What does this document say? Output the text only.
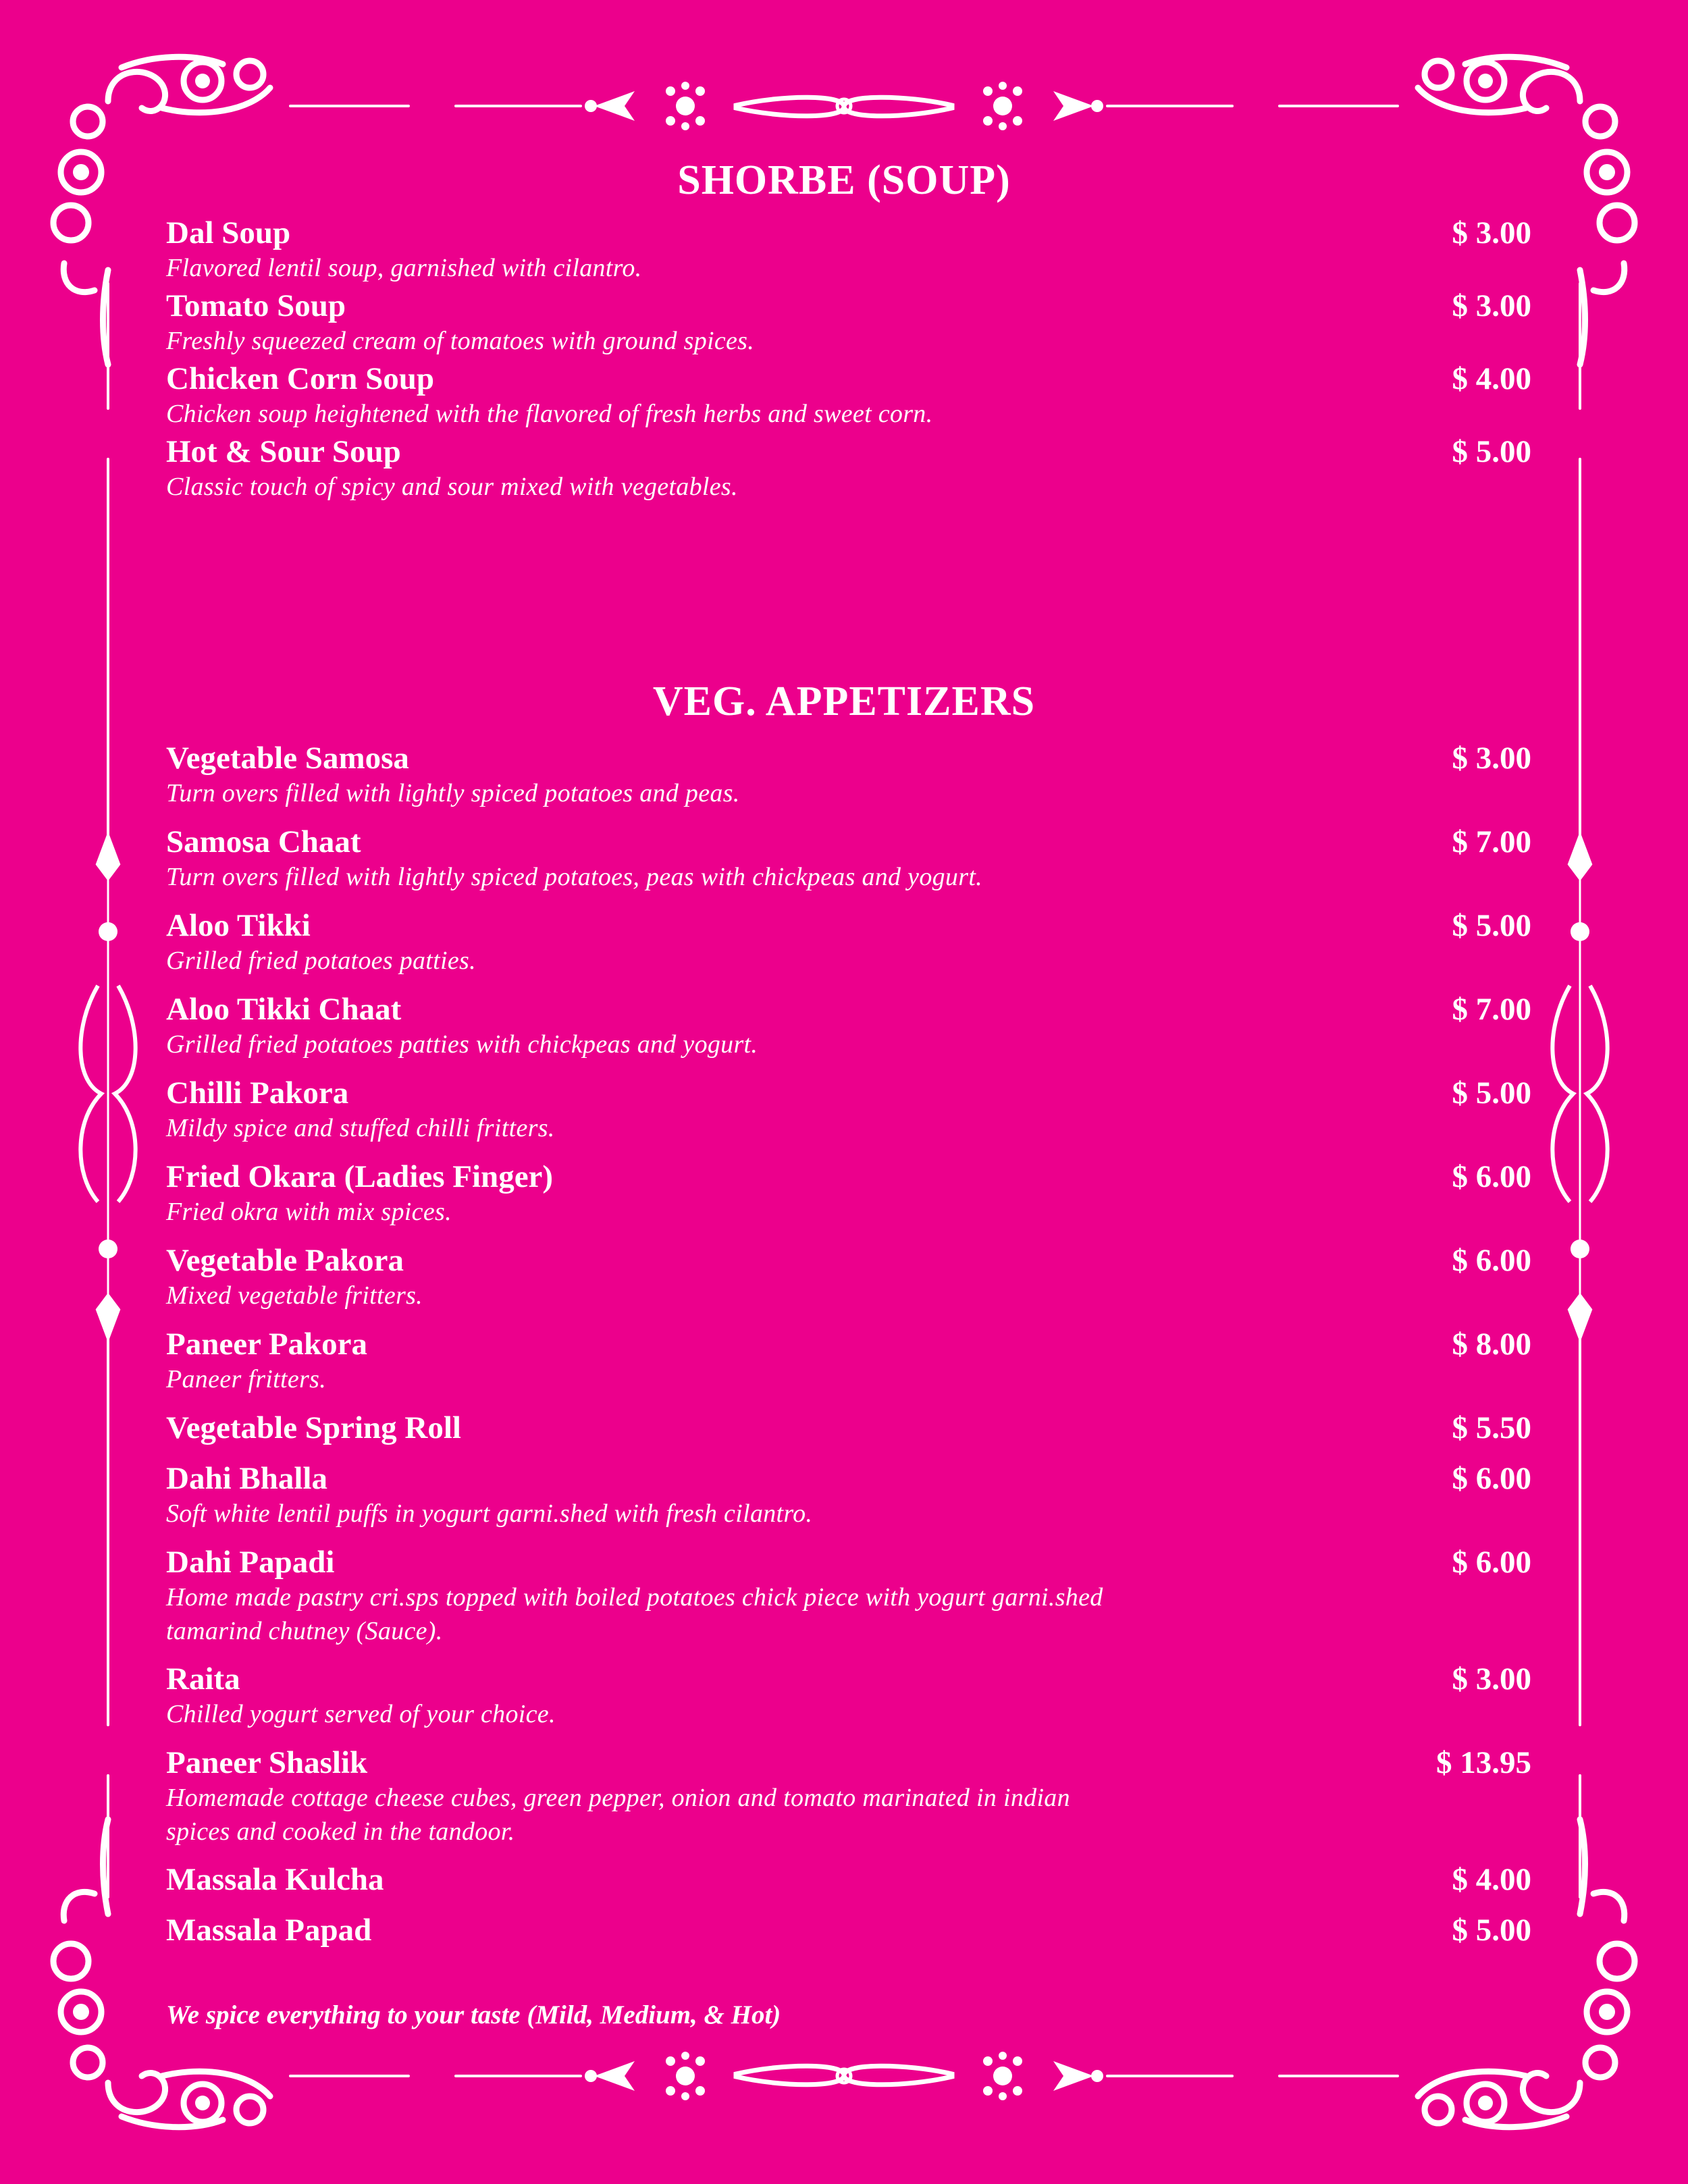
SHORBE (SOUP)
Dal Soup	$ 3.00
Flavored lentil soup, garnished with cilantro.
Tomato Soup	$ 3.00
Freshly squeezed cream of tomatoes with ground spices.
Chicken Corn Soup	$ 4.00
Chicken soup heightened with the flavored of fresh herbs and sweet corn.
Hot & Sour Soup	$ 5.00
Classic touch of spicy and sour mixed with vegetables.
VEG. APPETIZERS
Vegetable Samosa	$ 3.00
Turn overs filled with lightly spiced potatoes and peas.
Samosa Chaat	$ 7.00
Turn overs filled with lightly spiced potatoes, peas with chickpeas and yogurt.
Aloo Tikki	$ 5.00
Grilled fried potatoes patties.
Aloo Tikki Chaat	$ 7.00
Grilled fried potatoes patties with chickpeas and yogurt.
Chilli Pakora	$ 5.00
Mildy spice and stuffed chilli fritters.
Fried Okara (Ladies Finger)	$ 6.00
Fried okra with mix spices.
Vegetable Pakora	$ 6.00
Mixed vegetable fritters.
Paneer Pakora	$ 8.00
Paneer fritters.
Vegetable Spring Roll	$ 5.50
Dahi Bhalla	$ 6.00
Soft white lentil puffs in yogurt garni.shed with fresh cilantro.
Dahi Papadi	$ 6.00
Home made pastry cri.sps topped with boiled potatoes chick piece with yogurt garni.shed tamarind chutney (Sauce).
Raita	$ 3.00
Chilled yogurt served of your choice.
Paneer Shaslik	$ 13.95
Homemade cottage cheese cubes, green pepper, onion and tomato marinated in indian spices and cooked in the tandoor.
Massala Kulcha	$ 4.00
Massala Papad	$ 5.00
We spice everything to your taste (Mild, Medium, & Hot)
